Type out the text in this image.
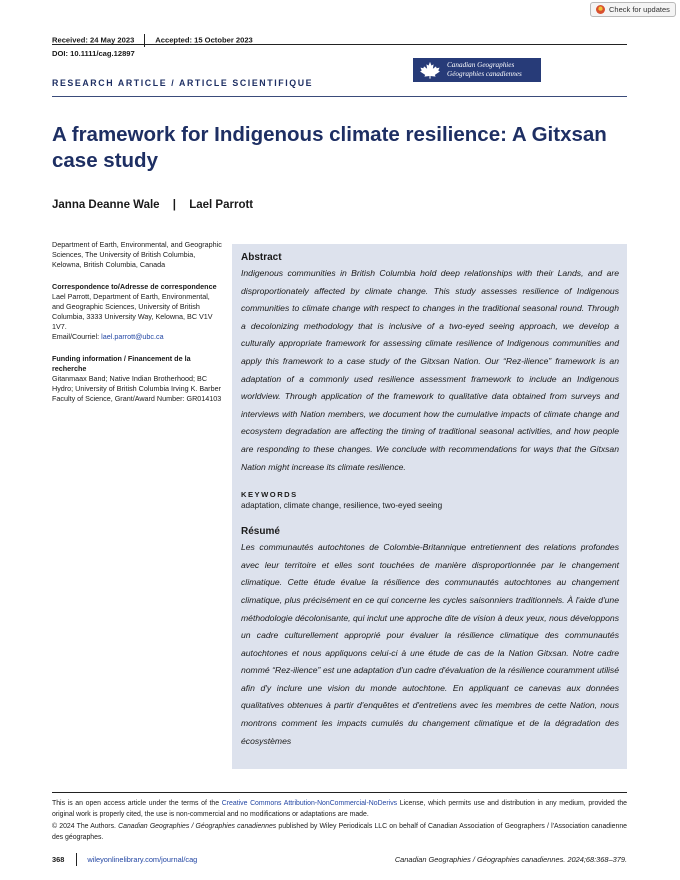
Check for updates
Received: 24 May 2023	Accepted: 15 October 2023
DOI: 10.1111/cag.12897
RESEARCH ARTICLE / ARTICLE SCIENTIFIQUE
Canadian Geographies
Géographies canadiennes
A framework for Indigenous climate resilience: A Gitxsan case study
Janna Deanne Wale | Lael Parrott

Department of Earth, Environmental, and Geographic Sciences, The University of British Columbia, Kelowna, British Columbia, Canada

Correspondence to/Adresse de correspondence
Lael Parrott, Department of Earth, Environmental, and Geographic Sciences, University of British Columbia, 3333 University Way, Kelowna, BC V1V 1V7.
Email/Courriel: lael.parrott@ubc.ca

Funding information / Financement de la recherche
Gitanmaax Band; Native Indian Brotherhood; BC Hydro; University of British Columbia Irving K. Barber Faculty of Science, Grant/Award Number: GR014103

Abstract

Indigenous communities in British Columbia hold deep relationships with their Lands, and are disproportionately affected by climate change. This study assesses resilience of Indigenous communities to climate change with respect to changes in the traditional seasonal round. Through a decolonizing methodology that is inclusive of a two-eyed seeing approach, we develop a culturally appropriate framework for assessing climate resilience of Indigenous communities and apply this framework to a case study of the Gitxsan Nation. Our “Rez-ilience” framework is an adaptation of a commonly used resilience assessment framework to include an Indigenous worldview. Through application of the framework to qualitative data obtained from surveys and interviews with Nation members, we document how the cumulative impacts of climate change and ecosystem degradation are affecting the timing of traditional seasonal activities, and how people are responding to these changes. We conclude with recommendations for ways that the Gitxsan Nation might increase its climate resilience.

KEYWORDS

adaptation, climate change, resilience, two-eyed seeing

Résumé

Les communautés autochtones de Colombie-Britannique entretiennent des relations profondes avec leur territoire et elles sont touchées de manière disproportionnée par le changement climatique. Cette étude évalue la résilience des communautés autochtones au changement climatique, plus précisément en ce qui concerne les cycles saisonniers traditionnels. À l'aide d'une méthodologie décolonisante, qui inclut une approche dite de vision à deux yeux, nous développons un cadre culturellement approprié pour évaluer la résilience climatique des communautés autochtones et nous appliquons celui-ci à une étude de cas de la Nation Gitxsan. Notre cadre nommé “Rez-ilience” est une adaptation d'un cadre d'évaluation de la résilience couramment utilisé afin d'y inclure une vision du monde autochtone. En appliquant ce canevas aux données qualitatives obtenues à partir d'enquêtes et d'entretiens avec les membres de cette Nation, nous montrons comment les impacts cumulés du changement climatique et de la dégradation des écosystèmes

This is an open access article under the terms of the Creative Commons Attribution-NonCommercial-NoDerivs License, which permits use and distribution in any medium, provided the original work is properly cited, the use is non-commercial and no modifications or adaptations are made.

© 2024 The Authors. Canadian Geographies / Géographies canadiennes published by Wiley Periodicals LLC on behalf of Canadian Association of Geographers / l'Association canadienne des géographes.

368	wileyonlinelibrary.com/journal/cag	Canadian Geographies / Géographies canadiennes. 2024;68:368–379.
